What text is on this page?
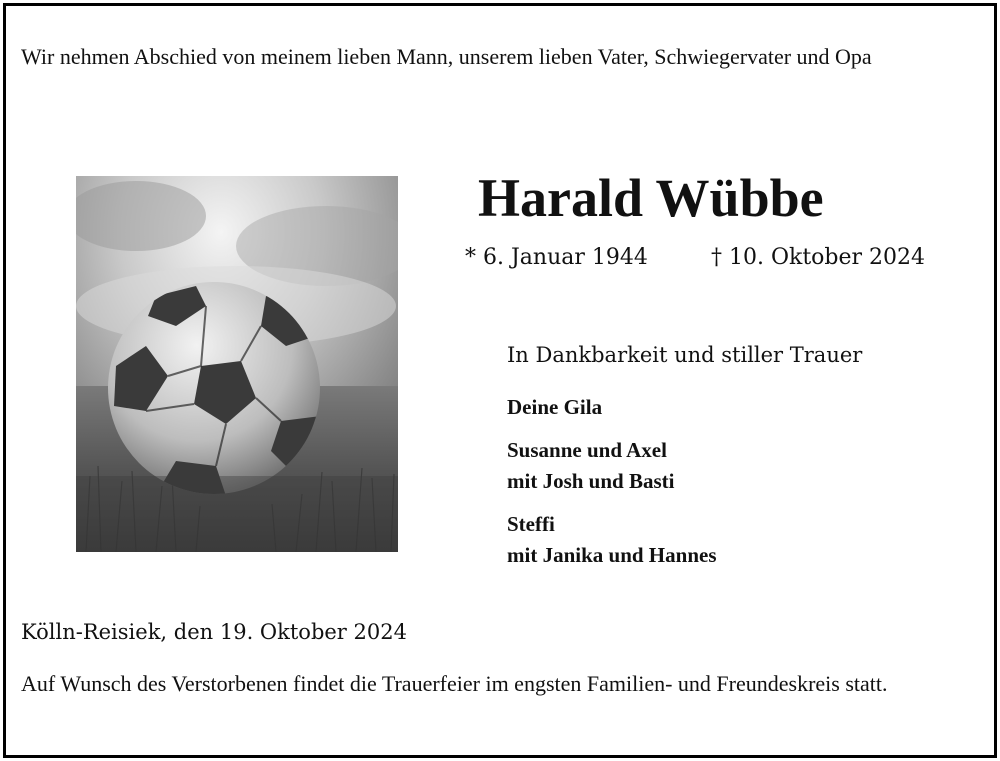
Wir nehmen Abschied von meinem lieben Mann, unserem lieben Vater, Schwiegervater und Opa
Harald Wübbe
* 6. Januar 1944	† 10. Oktober 2024
In Dankbarkeit und stiller Trauer
Deine Gila
Susanne und Axel
mit Josh und Basti
Steffi
mit Janika und Hannes
Kölln-Reisiek, den 19. Oktober 2024
Auf Wunsch des Verstorbenen findet die Trauerfeier im engsten Familien- und Freundeskreis statt.
